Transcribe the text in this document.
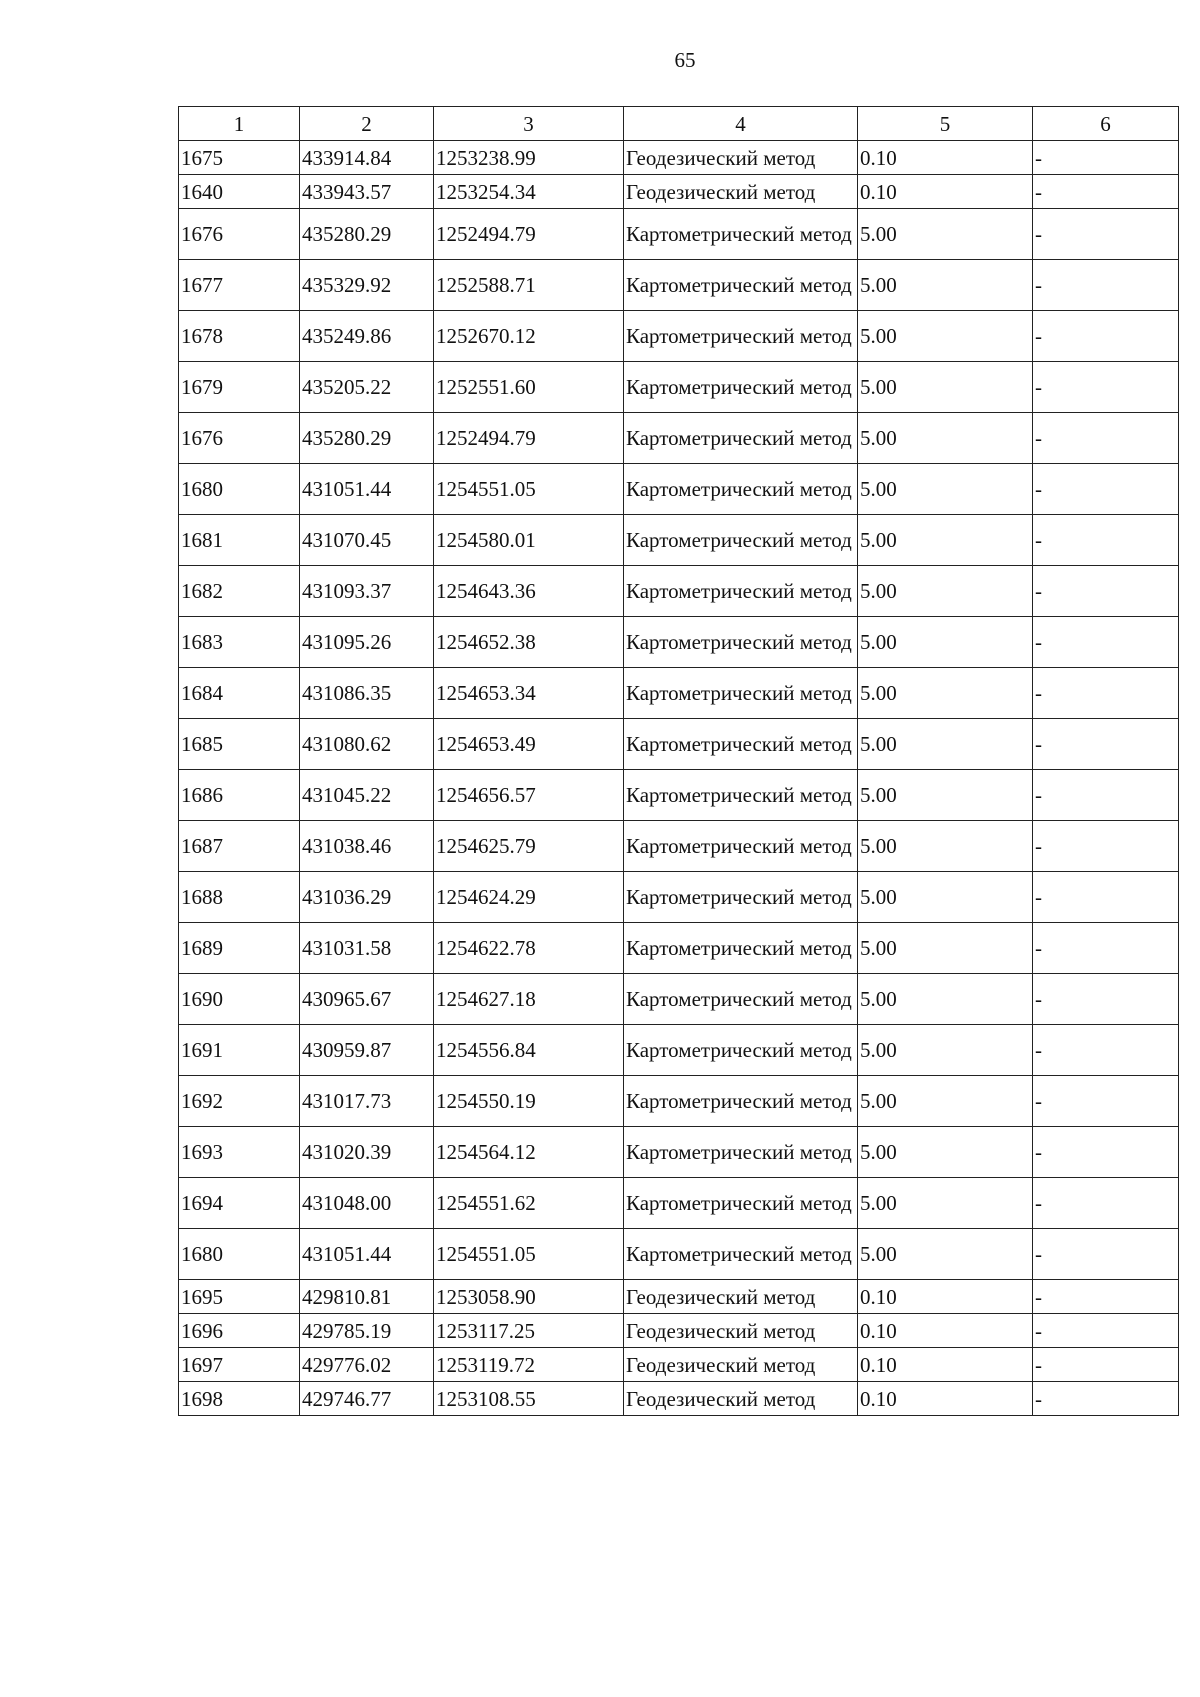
65
1	2	3	4	5	6
1675	433914.84	1253238.99	Геодезический метод	0.10	-
1640	433943.57	1253254.34	Геодезический метод	0.10	-
1676	435280.29	1252494.79	Картометрический метод	5.00	-
1677	435329.92	1252588.71	Картометрический метод	5.00	-
1678	435249.86	1252670.12	Картометрический метод	5.00	-
1679	435205.22	1252551.60	Картометрический метод	5.00	-
1676	435280.29	1252494.79	Картометрический метод	5.00	-
1680	431051.44	1254551.05	Картометрический метод	5.00	-
1681	431070.45	1254580.01	Картометрический метод	5.00	-
1682	431093.37	1254643.36	Картометрический метод	5.00	-
1683	431095.26	1254652.38	Картометрический метод	5.00	-
1684	431086.35	1254653.34	Картометрический метод	5.00	-
1685	431080.62	1254653.49	Картометрический метод	5.00	-
1686	431045.22	1254656.57	Картометрический метод	5.00	-
1687	431038.46	1254625.79	Картометрический метод	5.00	-
1688	431036.29	1254624.29	Картометрический метод	5.00	-
1689	431031.58	1254622.78	Картометрический метод	5.00	-
1690	430965.67	1254627.18	Картометрический метод	5.00	-
1691	430959.87	1254556.84	Картометрический метод	5.00	-
1692	431017.73	1254550.19	Картометрический метод	5.00	-
1693	431020.39	1254564.12	Картометрический метод	5.00	-
1694	431048.00	1254551.62	Картометрический метод	5.00	-
1680	431051.44	1254551.05	Картометрический метод	5.00	-
1695	429810.81	1253058.90	Геодезический метод	0.10	-
1696	429785.19	1253117.25	Геодезический метод	0.10	-
1697	429776.02	1253119.72	Геодезический метод	0.10	-
1698	429746.77	1253108.55	Геодезический метод	0.10	-
